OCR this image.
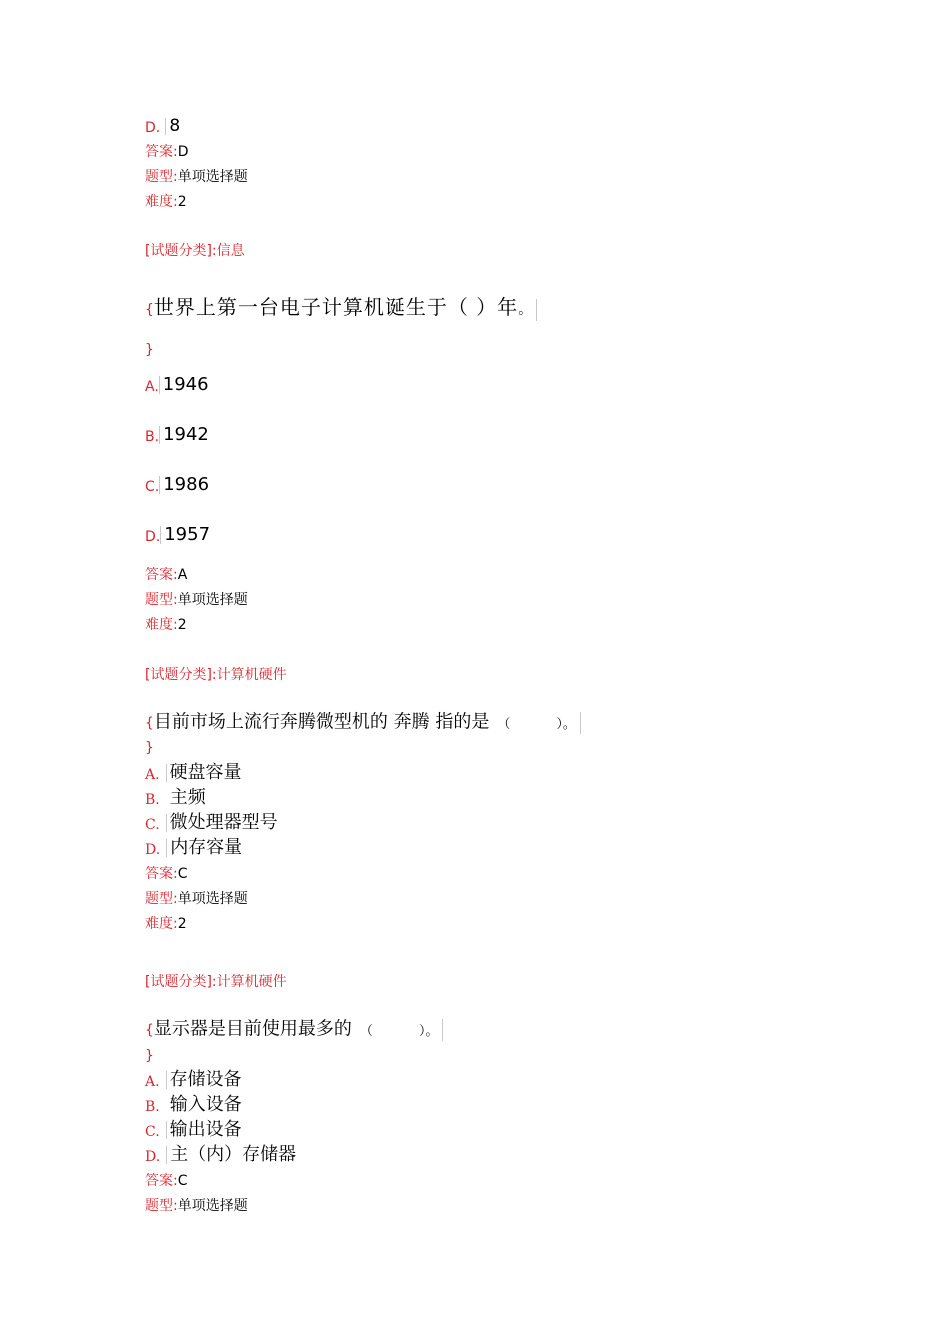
D. 8
答案:D
题型:单项选择题
难度:2
[试题分类]:信息
{世界上第一台电子计算机诞生于（ ）年。
}
A. 1946
B. 1942
C. 1986
D. 1957
答案:A
题型:单项选择题
难度:2
[试题分类]:计算机硬件
{目前市场上流行奔腾微型机的 奔腾 指的是 （	）。
}
A. 硬盘容量
B. 主频
C. 微处理器型号
D. 内存容量
答案:C
题型:单项选择题
难度:2
[试题分类]:计算机硬件
{显示器是目前使用最多的 （	）。
}
A. 存储设备
B. 输入设备
C. 输出设备
D. 主（内）存储器
答案:C
题型:单项选择题
